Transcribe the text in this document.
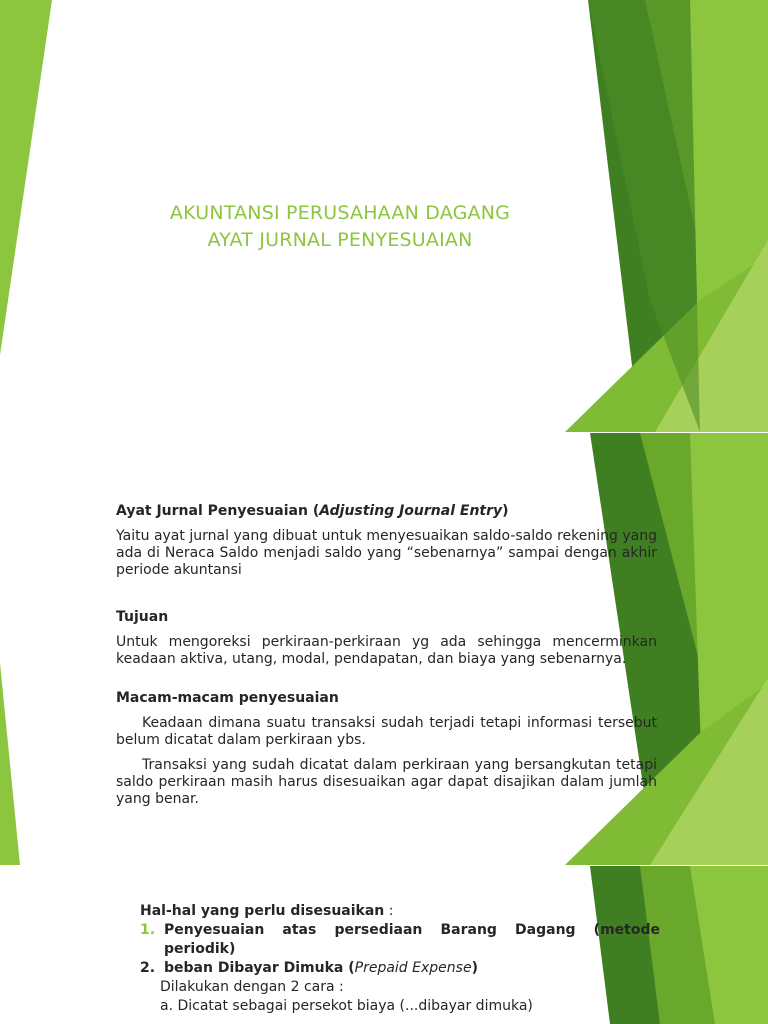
AKUNTANSI PERUSAHAAN DAGANG
AYAT JURNAL PENYESUAIAN

Ayat Jurnal Penyesuaian (Adjusting Journal Entry)

Yaitu ayat jurnal yang dibuat untuk menyesuaikan saldo-saldo rekening yang ada di Neraca Saldo menjadi saldo yang “sebenarnya” sampai dengan akhir periode akuntansi

Tujuan

Untuk mengoreksi perkiraan-perkiraan yg ada sehingga mencerminkan keadaan aktiva, utang, modal, pendapatan, dan biaya yang sebenarnya.

Macam-macam penyesuaian

Keadaan dimana suatu transaksi sudah terjadi tetapi informasi tersebut belum dicatat dalam perkiraan ybs.

Transaksi yang sudah dicatat dalam perkiraan yang bersangkutan tetapi saldo perkiraan masih harus disesuaikan agar dapat disajikan dalam jumlah yang benar.

Hal-hal yang perlu disesuaikan :

1. Penyesuaian atas persediaan Barang Dagang (metode periodik)

2. beban Dibayar Dimuka (Prepaid Expense)

Dilakukan dengan 2 cara :

a. Dicatat sebagai persekot biaya (...dibayar dimuka)
